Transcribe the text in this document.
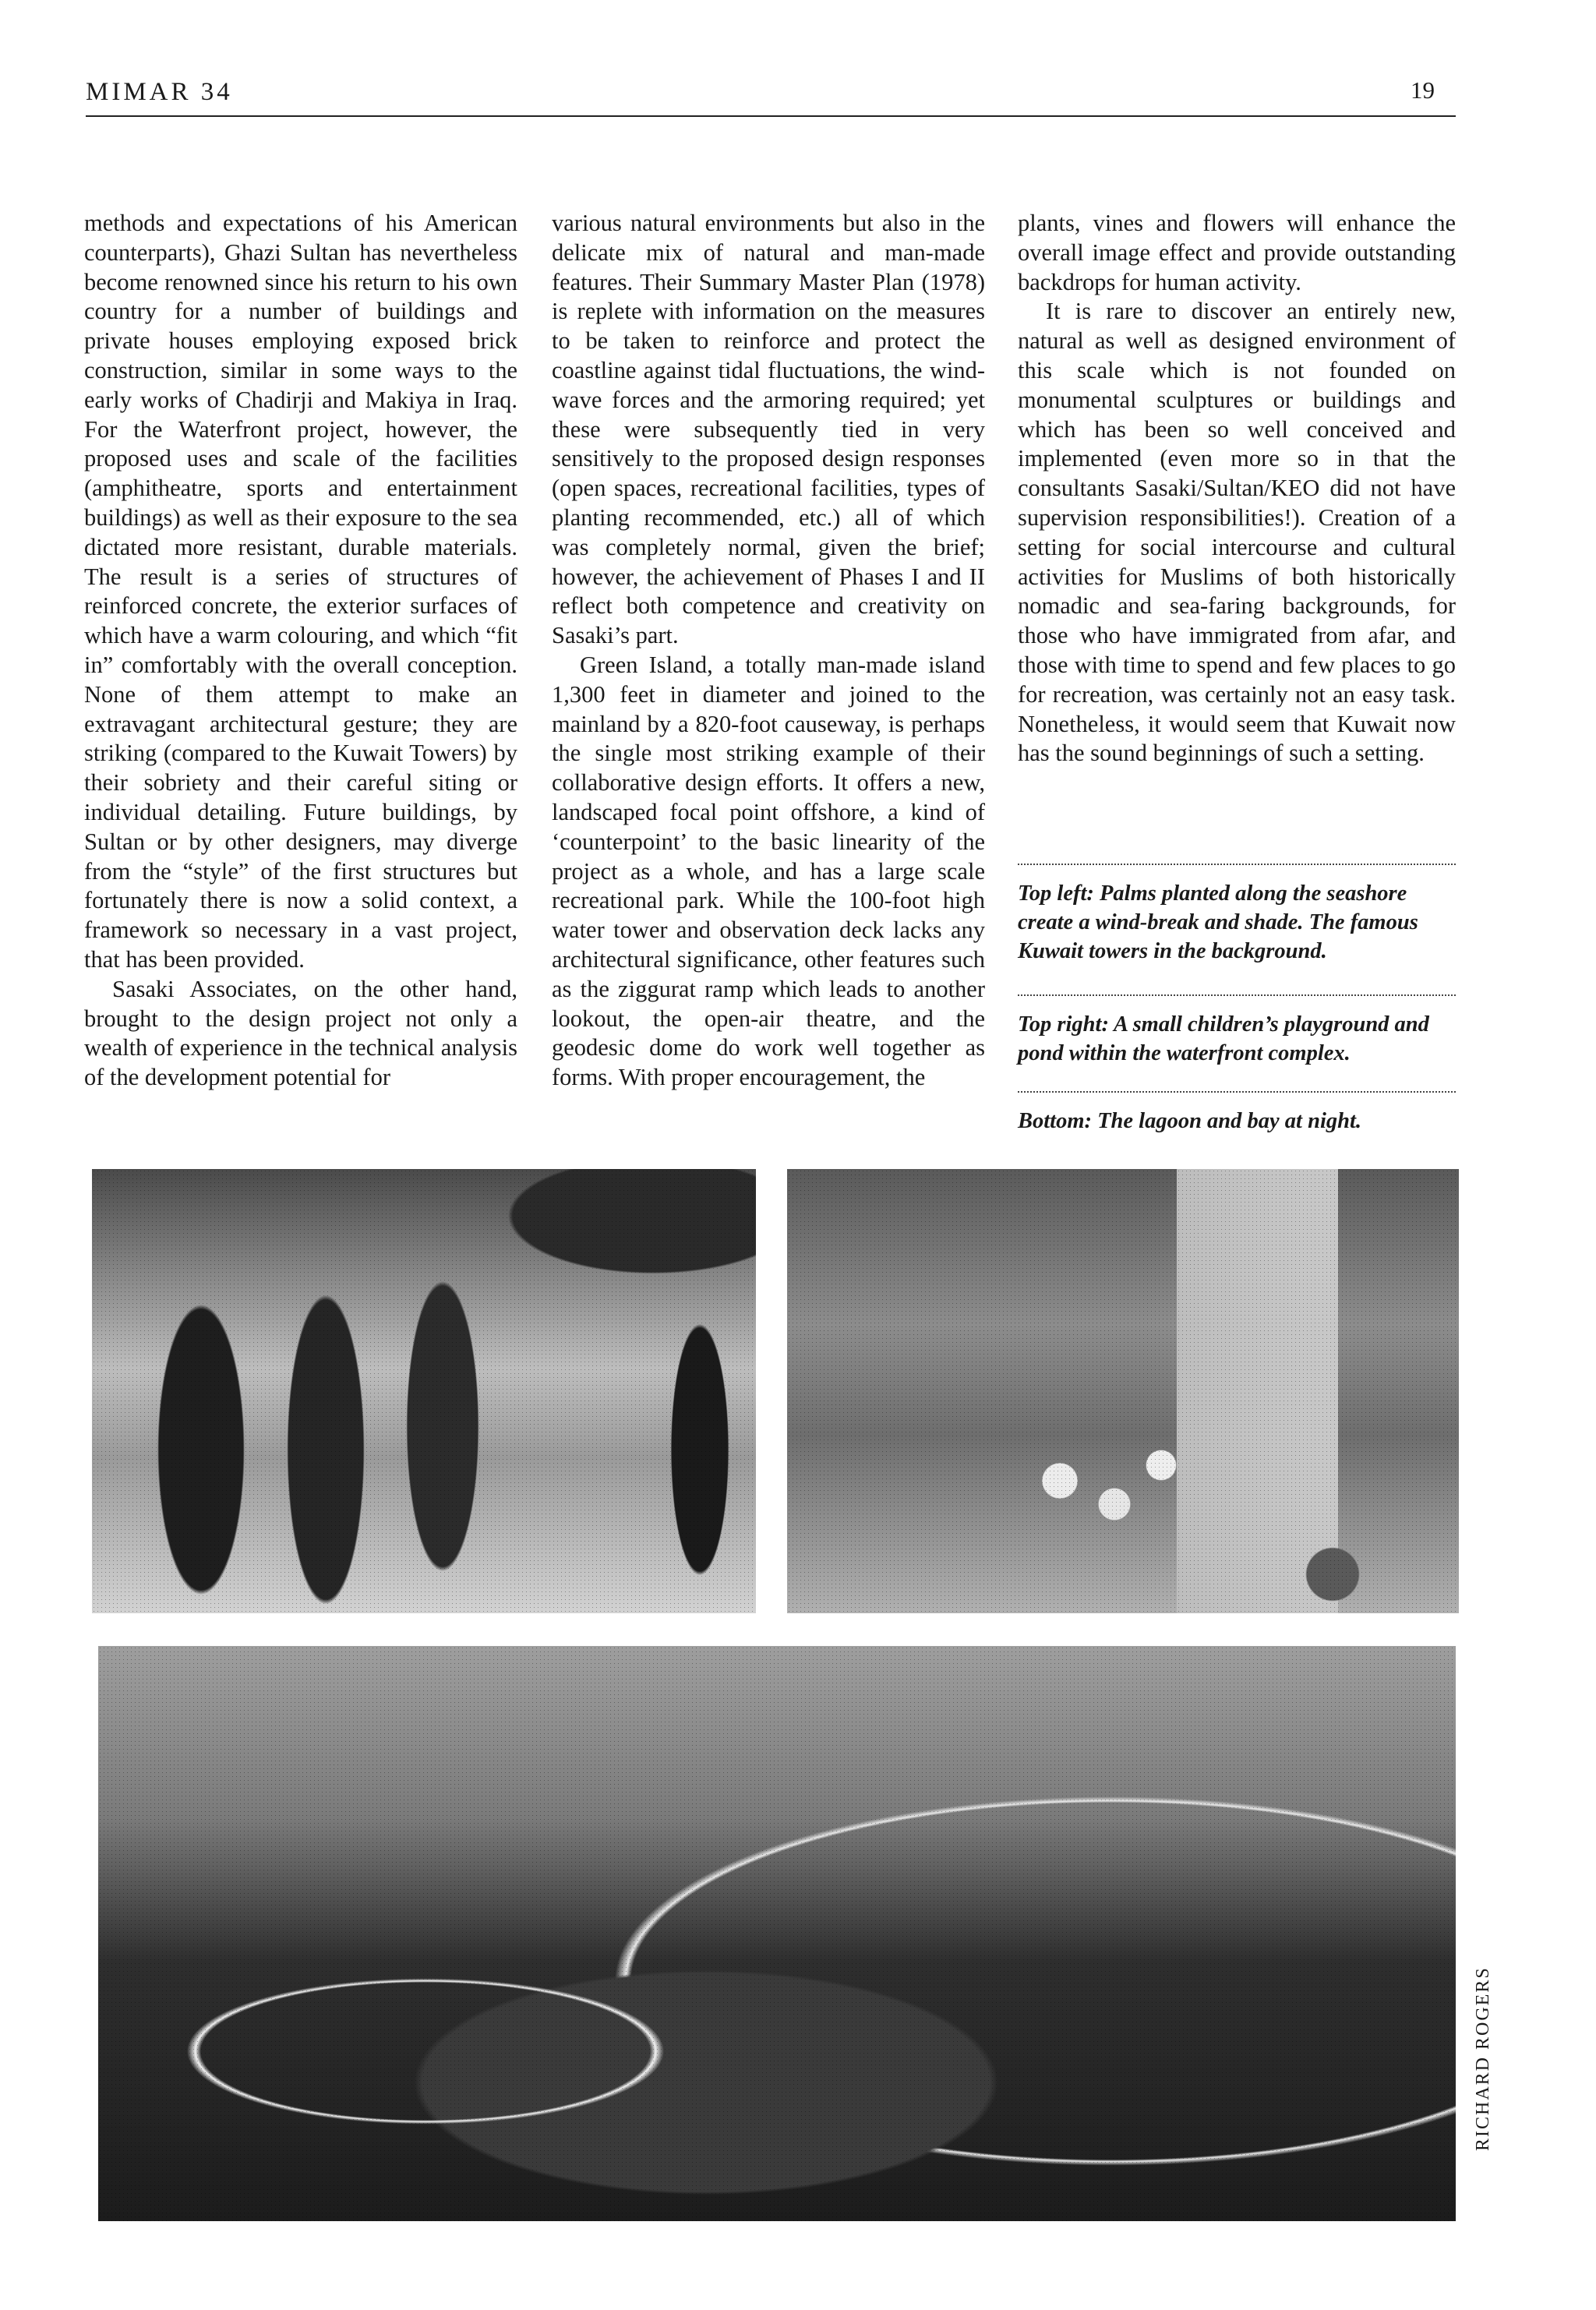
MIMAR 34	19

methods and expectations of his American counterparts), Ghazi Sultan has nevertheless become renowned since his return to his own country for a number of buildings and private houses employing exposed brick construction, similar in some ways to the early works of Chadirji and Makiya in Iraq. For the Waterfront project, however, the proposed uses and scale of the facilities (amphitheatre, sports and entertainment buildings) as well as their exposure to the sea dictated more resistant, durable materials. The result is a series of structures of reinforced concrete, the exterior surfaces of which have a warm colouring, and which “fit in” comfortably with the overall conception. None of them attempt to make an extravagant architectural gesture; they are striking (compared to the Kuwait Towers) by their sobriety and their careful siting or individual detailing. Future buildings, by Sultan or by other designers, may diverge from the “style” of the first structures but fortunately there is now a solid context, a framework so necessary in a vast project, that has been provided.

Sasaki Associates, on the other hand, brought to the design project not only a wealth of experience in the technical analysis of the development potential for

various natural environments but also in the delicate mix of natural and man-made features. Their Summary Master Plan (1978) is replete with information on the measures to be taken to reinforce and protect the coastline against tidal fluctuations, the wind-wave forces and the armoring required; yet these were subsequently tied in very sensitively to the proposed design responses (open spaces, recreational facilities, types of planting recommended, etc.) all of which was completely normal, given the brief; however, the achievement of Phases I and II reflect both competence and creativity on Sasaki’s part.

Green Island, a totally man-made island 1,300 feet in diameter and joined to the mainland by a 820-foot causeway, is perhaps the single most striking example of their collaborative design efforts. It offers a new, landscaped focal point offshore, a kind of ‘counterpoint’ to the basic linearity of the project as a whole, and has a large scale recreational park. While the 100-foot high water tower and observation deck lacks any architectural significance, other features such as the ziggurat ramp which leads to another lookout, the open-air theatre, and the geodesic dome do work well together as forms. With proper encouragement, the

plants, vines and flowers will enhance the overall image effect and provide outstanding backdrops for human activity.

It is rare to discover an entirely new, natural as well as designed environment of this scale which is not founded on monumental sculptures or buildings and which has been so well conceived and implemented (even more so in that the consultants Sasaki/Sultan/KEO did not have supervision responsibilities!). Creation of a setting for social intercourse and cultural activities for Muslims of both historically nomadic and sea-faring backgrounds, for those who have immigrated from afar, and those with time to spend and few places to go for recreation, was certainly not an easy task. Nonetheless, it would seem that Kuwait now has the sound beginnings of such a setting.

Top left: Palms planted along the seashore create a wind-break and shade. The famous Kuwait towers in the background.
Top right: A small children’s playground and pond within the waterfront complex.
Bottom: The lagoon and bay at night.
RICHARD ROGERS
